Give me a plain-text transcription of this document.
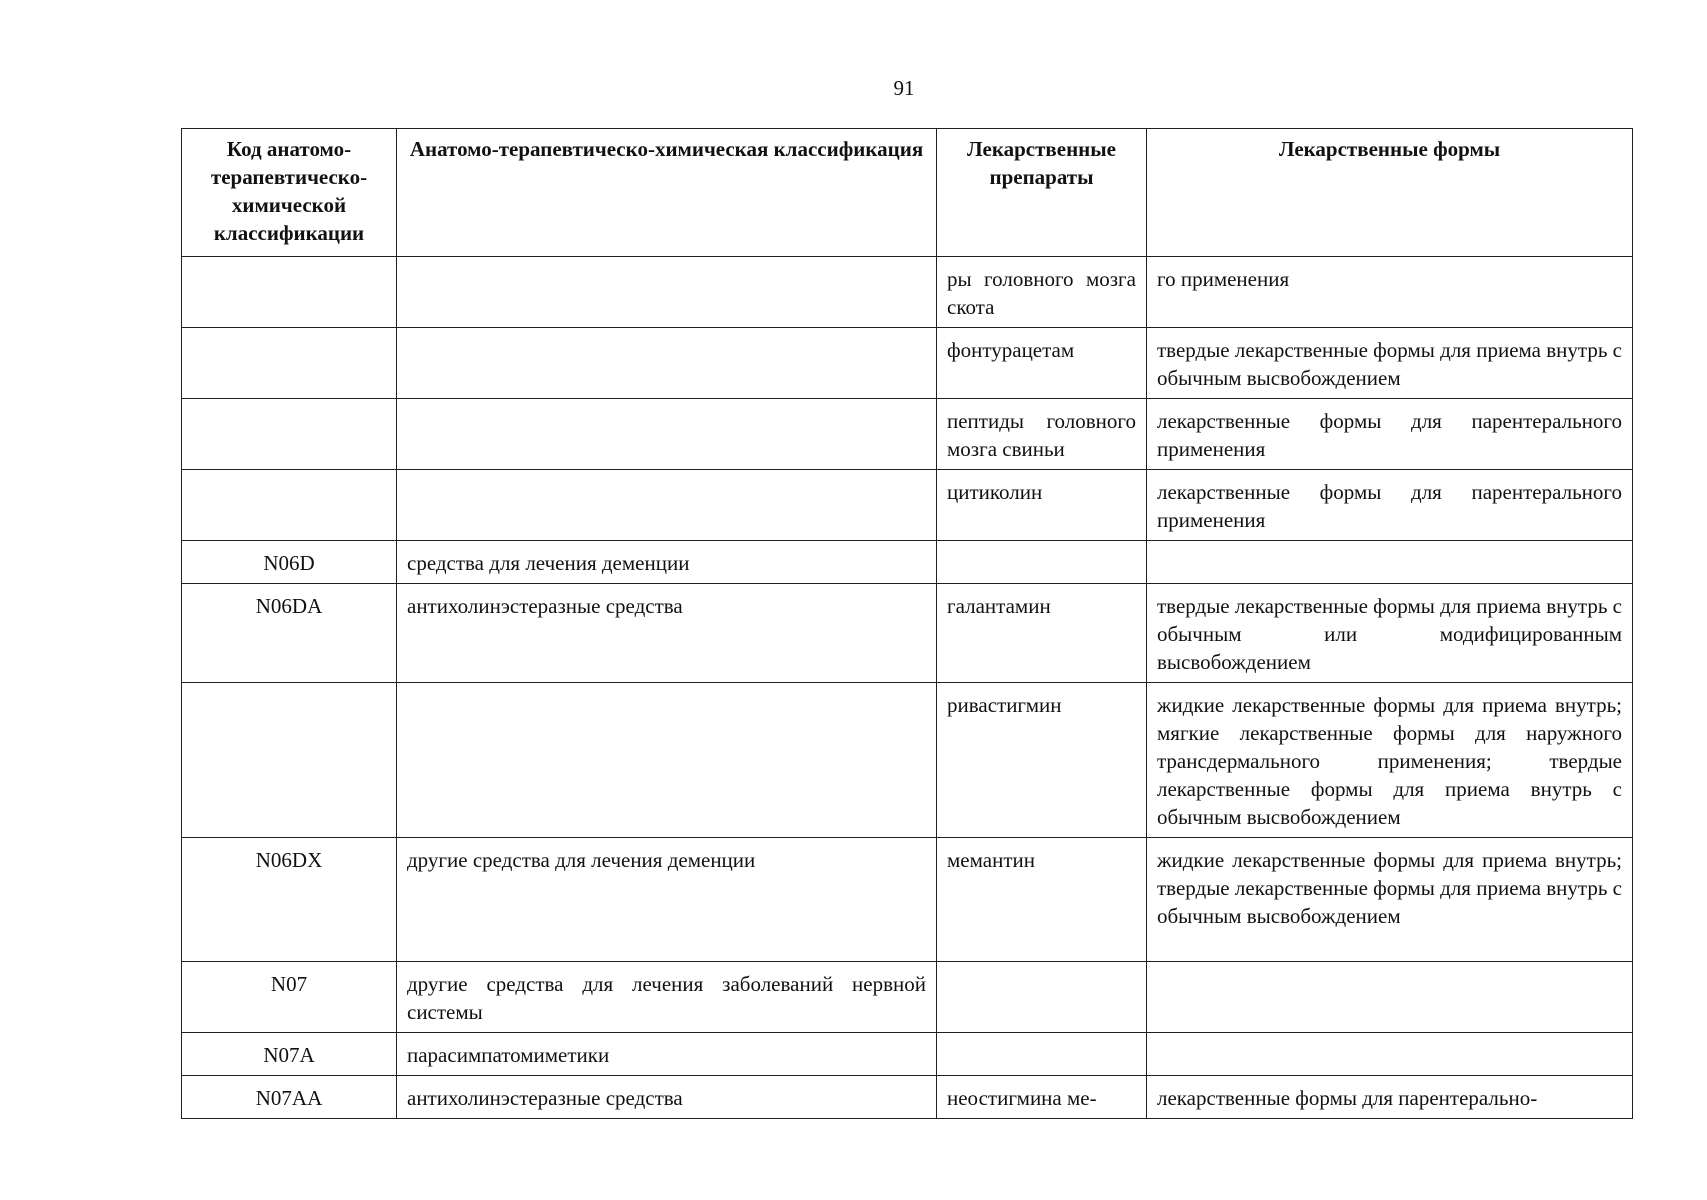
91
Код анатомо-терапевтическо-химической классификации	Анатомо-терапевтическо-химическая классификация	Лекарственные препараты	Лекарственные формы
		ры головного мозга скота	го применения
		фонтурацетам	твердые лекарственные формы для приема внутрь с обычным высвобождением
		пептиды головного мозга свиньи	лекарственные формы для парентерального применения
		цитиколин	лекарственные формы для парентерального применения
N06D	средства для лечения деменции		
N06DA	антихолинэстеразные средства	галантамин	твердые лекарственные формы для приема внутрь с обычным или модифицированным высвобождением
		ривастигмин	жидкие лекарственные формы для приема внутрь; мягкие лекарственные формы для наружного трансдермального применения; твердые лекарственные формы для приема внутрь с обычным высвобождением
N06DX	другие средства для лечения деменции	мемантин	жидкие лекарственные формы для приема внутрь; твердые лекарственные формы для приема внутрь с обычным высвобождением
N07	другие средства для лечения заболеваний нервной системы		
N07A	парасимпатомиметики		
N07AA	антихолинэстеразные средства	неостигмина ме-	лекарственные формы для парентерально-
